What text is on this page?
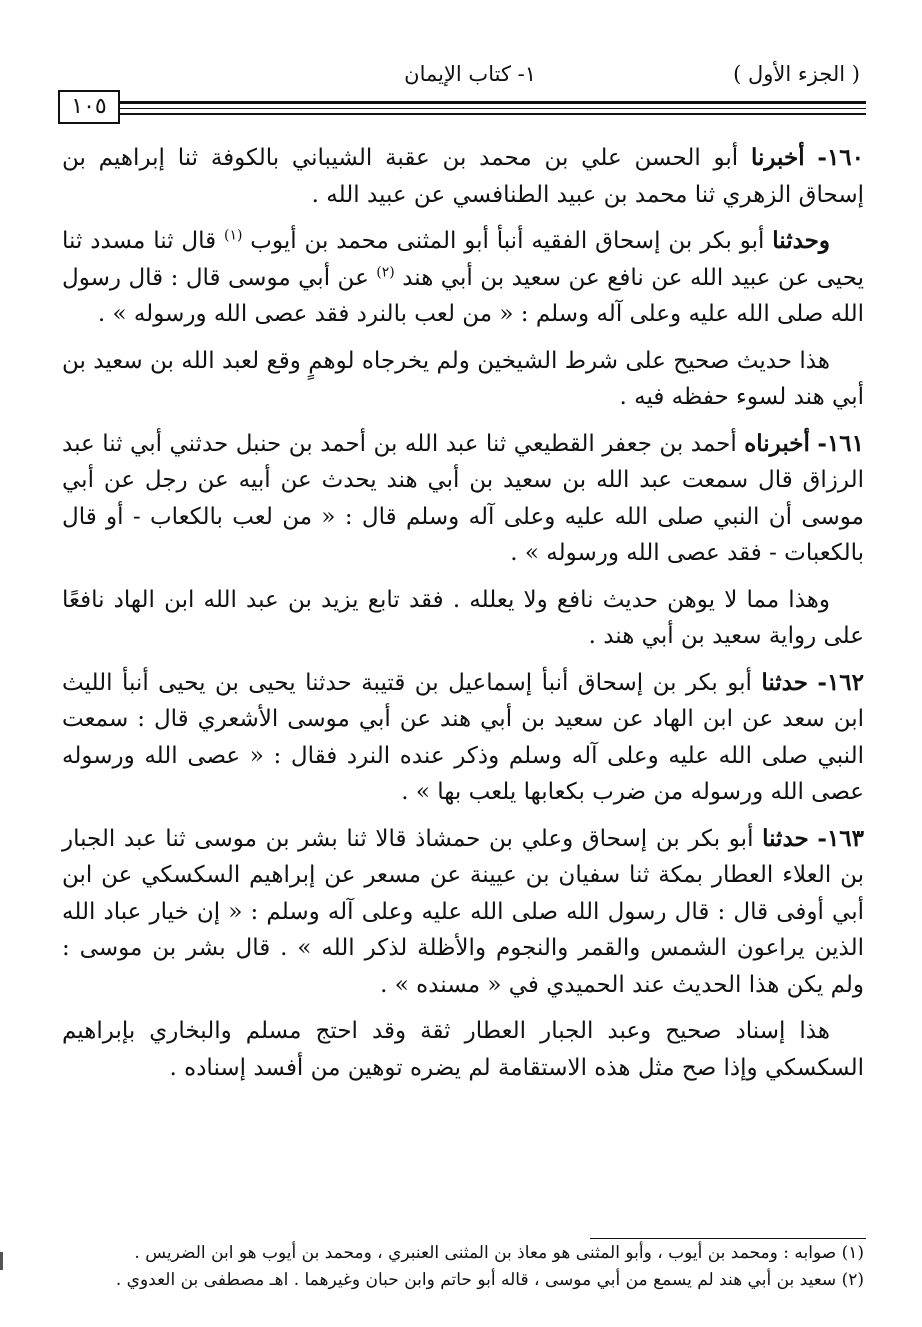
( الجزء الأول )
١- كتاب الإيمان
١٠٥

١٦٠- أخبرنا أبو الحسن علي بن محمد بن عقبة الشيباني بالكوفة ثنا إبراهيم بن إسحاق الزهري ثنا محمد بن عبيد الطنافسي عن عبيد الله .

وحدثنا أبو بكر بن إسحاق الفقيه أنبأ أبو المثنى محمد بن أيوب $^{(١)}$ قال ثنا مسدد ثنا يحيى عن عبيد الله عن نافع عن سعيد بن أبي هند $^{(٢)}$ عن أبي موسى قال : قال رسول الله صلى الله عليه وعلى آله وسلم : « من لعب بالنرد فقد عصى الله ورسوله » .

هذا حديث صحيح على شرط الشيخين ولم يخرجاه لوهمٍ وقع لعبد الله بن سعيد بن أبي هند لسوء حفظه فيه .

١٦١- أخبرناه أحمد بن جعفر القطيعي ثنا عبد الله بن أحمد بن حنبل حدثني أبي ثنا عبد الرزاق قال سمعت عبد الله بن سعيد بن أبي هند يحدث عن أبيه عن رجل عن أبي موسى أن النبي صلى الله عليه وعلى آله وسلم قال : « من لعب بالكعاب - أو قال بالكعبات - فقد عصى الله ورسوله » .

وهذا مما لا يوهن حديث نافع ولا يعلله . فقد تابع يزيد بن عبد الله ابن الهاد نافعًا على رواية سعيد بن أبي هند .

١٦٢- حدثنا أبو بكر بن إسحاق أنبأ إسماعيل بن قتيبة حدثنا يحيى بن يحيى أنبأ الليث ابن سعد عن ابن الهاد عن سعيد بن أبي هند عن أبي موسى الأشعري قال : سمعت النبي صلى الله عليه وعلى آله وسلم وذكر عنده النرد فقال : « عصى الله ورسوله عصى الله ورسوله من ضرب بكعابها يلعب بها » .

١٦٣- حدثنا أبو بكر بن إسحاق وعلي بن حمشاذ قالا ثنا بشر بن موسى ثنا عبد الجبار بن العلاء العطار بمكة ثنا سفيان بن عيينة عن مسعر عن إبراهيم السكسكي عن ابن أبي أوفى قال : قال رسول الله صلى الله عليه وعلى آله وسلم : « إن خيار عباد الله الذين يراعون الشمس والقمر والنجوم والأظلة لذكر الله » . قال بشر بن موسى : ولم يكن هذا الحديث عند الحميدي في « مسنده » .

هذا إسناد صحيح وعبد الجبار العطار ثقة وقد احتج مسلم والبخاري بإبراهيم السكسكي وإذا صح مثل هذه الاستقامة لم يضره توهين من أفسد إسناده .

(١) صوابه : ومحمد بن أيوب ، وأبو المثنى هو معاذ بن المثنى العنبري ، ومحمد بن أيوب هو ابن الضريس .
(٢) سعيد بن أبي هند لم يسمع من أبي موسى ، قاله أبو حاتم وابن حبان وغيرهما . اهـ مصطفى بن العدوي .
